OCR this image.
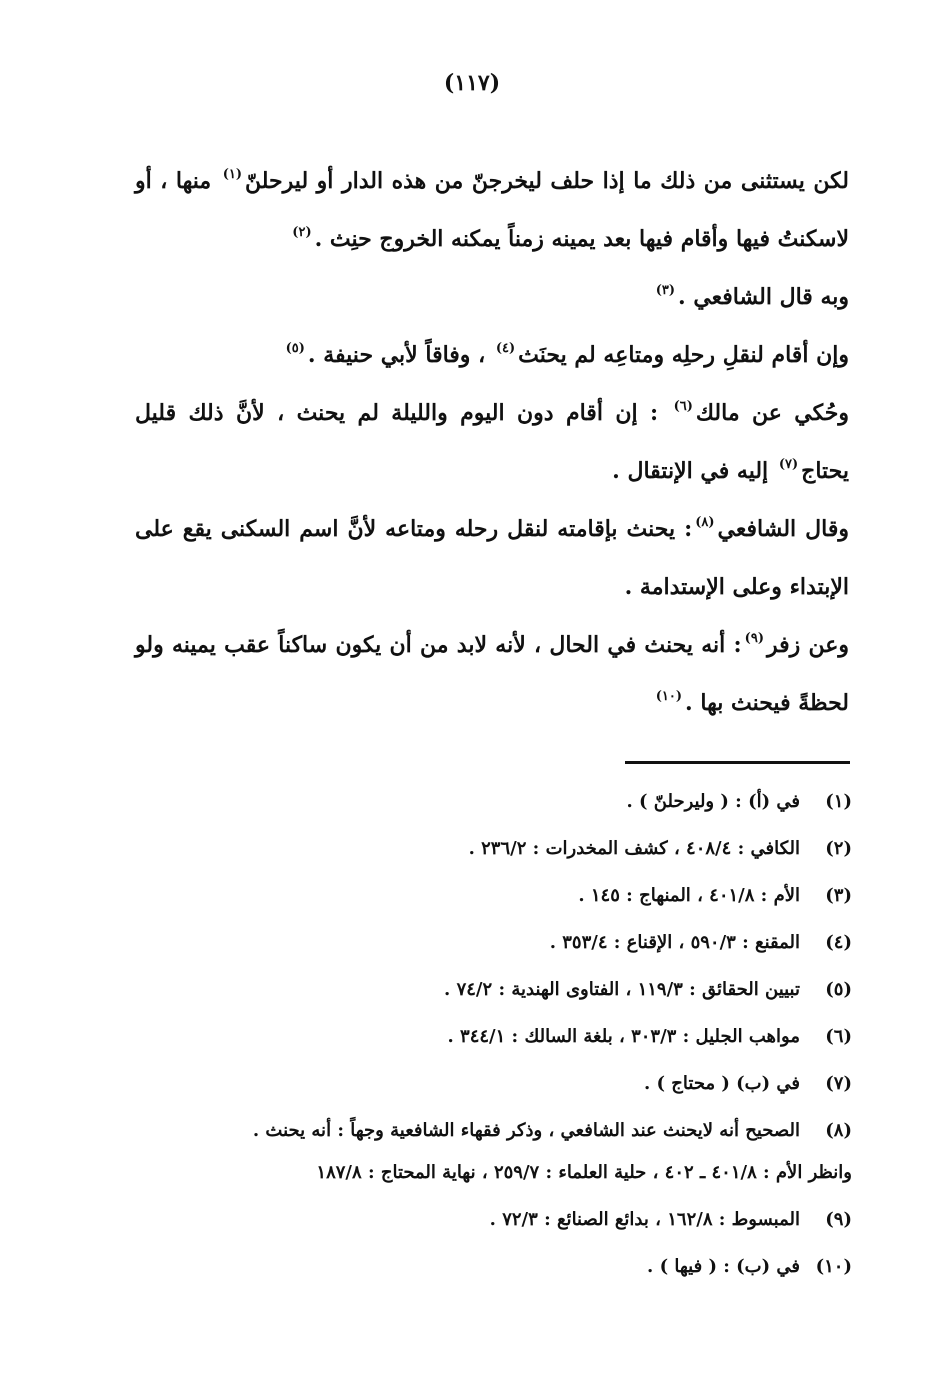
(١١٧)

لكن يستثنى من ذلك ما إذا حلف ليخرجنّ من هذه الدار أو ليرحلنّ$^{(١)}$ منها ، أو لاسكنتُ فيها وأقام فيها بعد يمينه زمناً يمكنه الخروج حنِث .$^{(٢)}$

وبه قال الشافعي .$^{(٣)}$

وإن أقام لنقلِ رحلِه ومتاعِه لم يحنَث$^{(٤)}$ ، وفاقاً لأبي حنيفة .$^{(٥)}$

وحُكي عن مالك$^{(٦)}$ : إن أقام دون اليوم والليلة لم يحنث ، لأنَّ ذلك قليل يحتاج$^{(٧)}$ إليه في الإنتقال .

وقال الشافعي$^{(٨)}$: يحنث بإقامته لنقل رحله ومتاعه لأنَّ اسم السكنى يقع على الإبتداء وعلى الإستدامة .

وعن زفر$^{(٩)}$: أنه يحنث في الحال ، لأنه لابد من أن يكون ساكناً عقب يمينه ولو لحظةً فيحنث بها .$^{(١٠)}$

(١)
في (أ) : ( وليرحلنّ ) .
(٢)
الكافي : ٤٠٨/٤ ، كشف المخدرات : ٢٣٦/٢ .
(٣)
الأم : ٤٠١/٨ ، المنهاج : ١٤٥ .
(٤)
المقنع : ٥٩٠/٣ ، الإقناع : ٣٥٣/٤ .
(٥)
تبيين الحقائق : ١١٩/٣ ، الفتاوى الهندية : ٧٤/٢ .
(٦)
مواهب الجليل : ٣٠٣/٣ ، بلغة السالك : ٣٤٤/١ .
(٧)
في (ب) ( محتاج ) .
(٨)
الصحيح أنه لايحنث عند الشافعي ، وذكر فقهاء الشافعية وجهاً : أنه يحنث .
وانظر الأم : ٤٠١/٨ ـ ٤٠٢ ، حلية العلماء : ٢٥٩/٧ ، نهاية المحتاج : ١٨٧/٨
(٩)
المبسوط : ١٦٢/٨ ، بدائع الصنائع : ٧٢/٣ .
(١٠)
في (ب) : ( فيها ) .
